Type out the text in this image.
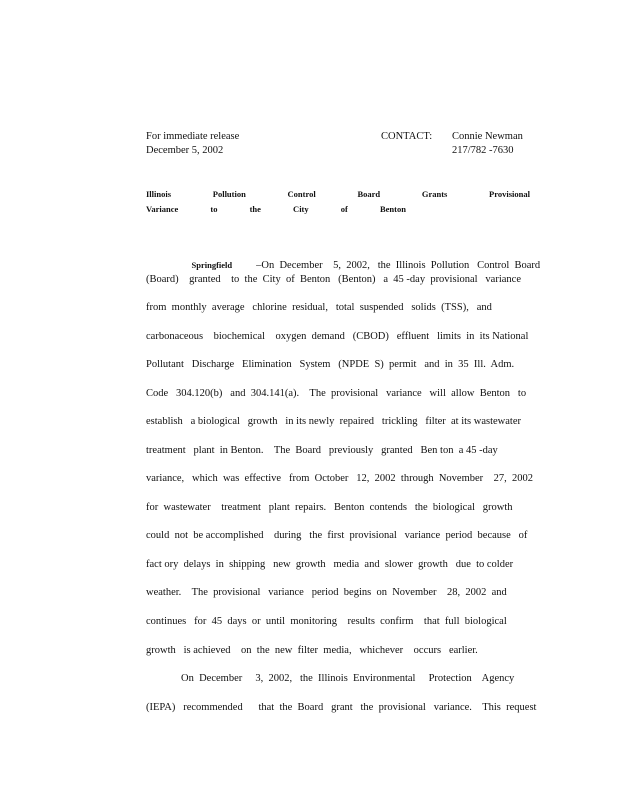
For immediate release
December 5, 2002
CONTACT: Connie Newman
217/782 -7630
Illinois Pollution Control Board Grants Provisional Variance to the City of Benton

Springfield –On  December    5,  2002,   the  Illinois  Pollution   Control  Board

(Board)    granted    to  the  City  of  Benton   (Benton)   a  45 -day  provisional   variance
from  monthly  average   chlorine  residual,   total  suspended   solids  (TSS),   and
carbonaceous    biochemical    oxygen  demand   (CBOD)   effluent   limits  in  its National
Pollutant   Discharge   Elimination   System   (NPDE  S)  permit   and  in  35  Ill.  Adm.
Code   304.120(b)   and  304.141(a).    The  provisional   variance   will  allow  Benton   to
establish   a biological   growth   in its newly  repaired   trickling   filter  at its wastewater
treatment   plant  in Benton.    The  Board   previously   granted   Ben ton  a 45 -day
variance,   which  was  effective   from  October   12,  2002  through  November    27,  2002
for  wastewater    treatment   plant  repairs.   Benton  contends   the  biological   growth
could  not  be accomplished    during   the  first  provisional   variance  period  because   of
fact ory  delays  in  shipping   new  growth   media  and  slower  growth   due  to colder
weather.    The  provisional   variance   period  begins  on  November    28,  2002  and
continues   for  45  days  or  until  monitoring    results  confirm    that  full  biological
growth   is achieved    on  the  new  filter  media,   whichever    occurs   earlier.
On  December     3,  2002,   the  Illinois  Environmental     Protection    Agency
(IEPA)   recommended      that  the  Board   grant   the  provisional   variance.    This  request
